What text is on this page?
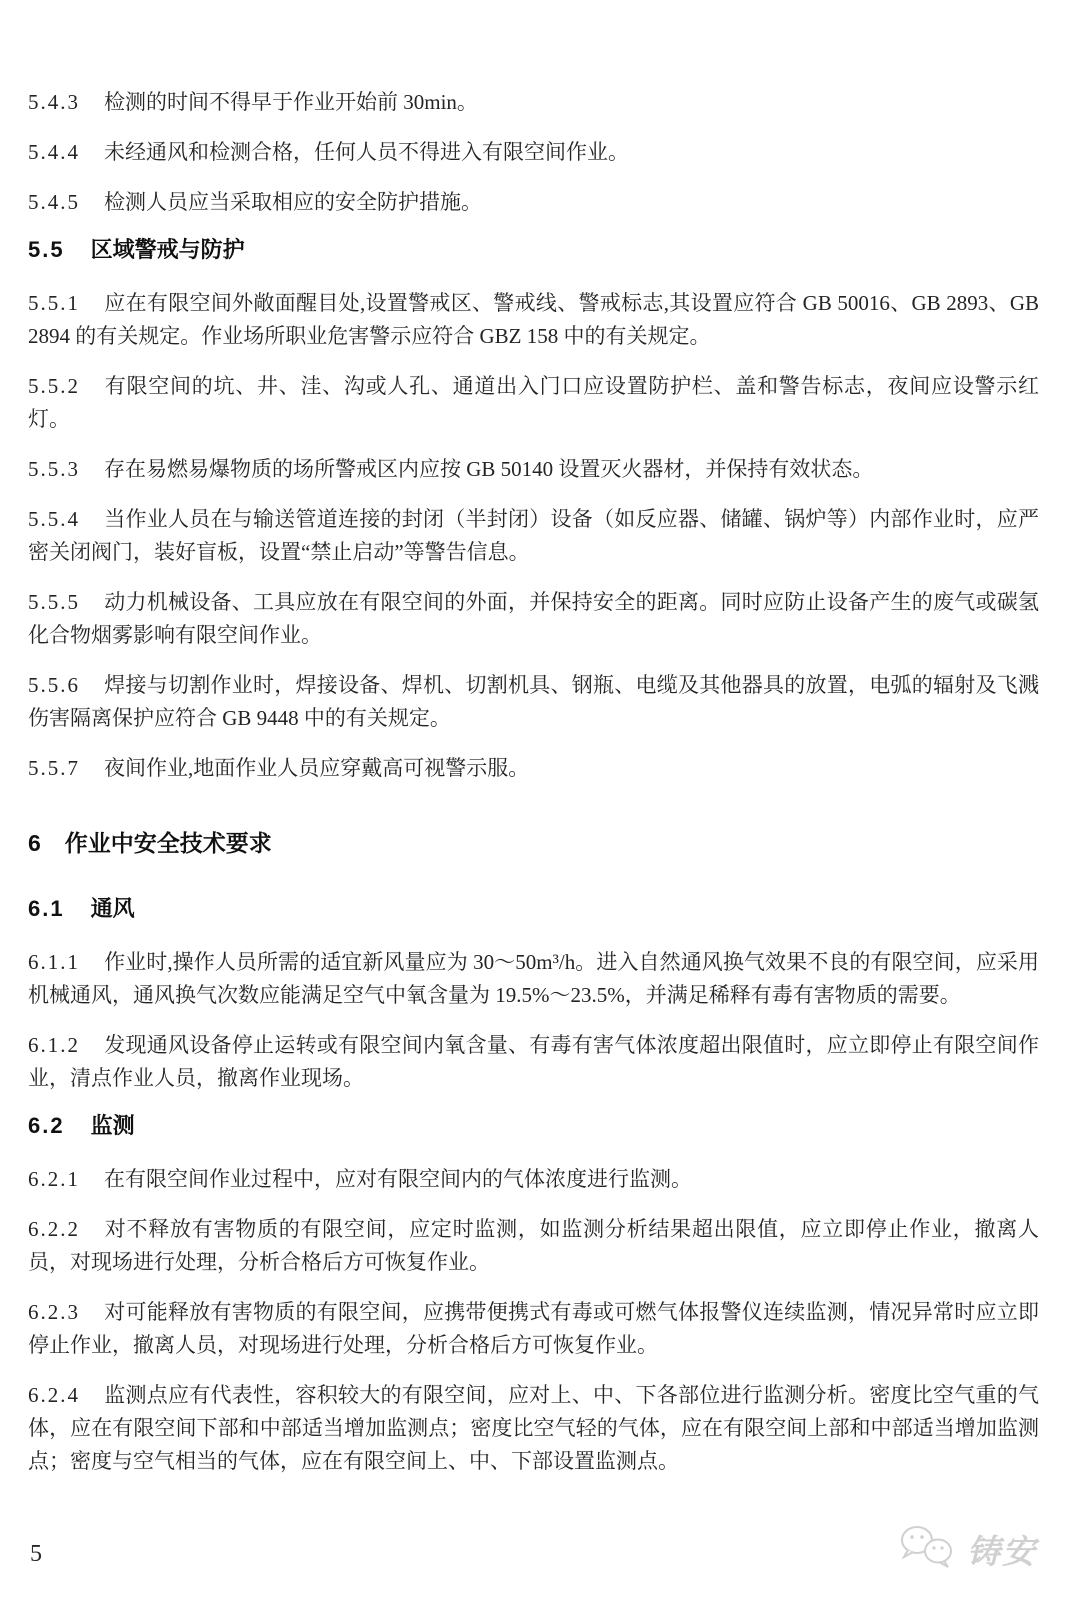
5.4.3 检测的时间不得早于作业开始前 30min。
5.4.4 未经通风和检测合格，任何人员不得进入有限空间作业。
5.4.5 检测人员应当采取相应的安全防护措施。
5.5 区域警戒与防护
5.5.1 应在有限空间外敞面醒目处,设置警戒区、警戒线、警戒标志,其设置应符合 GB 50016、GB 2893、GB 2894 的有关规定。作业场所职业危害警示应符合 GBZ 158 中的有关规定。
5.5.2 有限空间的坑、井、洼、沟或人孔、通道出入门口应设置防护栏、盖和警告标志，夜间应设警示红灯。
5.5.3 存在易燃易爆物质的场所警戒区内应按 GB 50140 设置灭火器材，并保持有效状态。
5.5.4 当作业人员在与输送管道连接的封闭（半封闭）设备（如反应器、储罐、锅炉等）内部作业时，应严密关闭阀门，装好盲板，设置“禁止启动”等警告信息。
5.5.5 动力机械设备、工具应放在有限空间的外面，并保持安全的距离。同时应防止设备产生的废气或碳氢化合物烟雾影响有限空间作业。
5.5.6 焊接与切割作业时，焊接设备、焊机、切割机具、钢瓶、电缆及其他器具的放置，电弧的辐射及飞溅伤害隔离保护应符合 GB 9448 中的有关规定。
5.5.7 夜间作业,地面作业人员应穿戴高可视警示服。
6 作业中安全技术要求
6.1 通风
6.1.1 作业时,操作人员所需的适宜新风量应为 30～50m³/h。进入自然通风换气效果不良的有限空间，应采用机械通风，通风换气次数应能满足空气中氧含量为 19.5%～23.5%，并满足稀释有毒有害物质的需要。
6.1.2 发现通风设备停止运转或有限空间内氧含量、有毒有害气体浓度超出限值时，应立即停止有限空间作业，清点作业人员，撤离作业现场。
6.2 监测
6.2.1 在有限空间作业过程中，应对有限空间内的气体浓度进行监测。
6.2.2 对不释放有害物质的有限空间，应定时监测，如监测分析结果超出限值，应立即停止作业，撤离人员，对现场进行处理，分析合格后方可恢复作业。
6.2.3 对可能释放有害物质的有限空间，应携带便携式有毒或可燃气体报警仪连续监测，情况异常时应立即停止作业，撤离人员，对现场进行处理，分析合格后方可恢复作业。
6.2.4 监测点应有代表性，容积较大的有限空间，应对上、中、下各部位进行监测分析。密度比空气重的气体，应在有限空间下部和中部适当增加监测点；密度比空气轻的气体，应在有限空间上部和中部适当增加监测点；密度与空气相当的气体，应在有限空间上、中、下部设置监测点。
5	铸安
